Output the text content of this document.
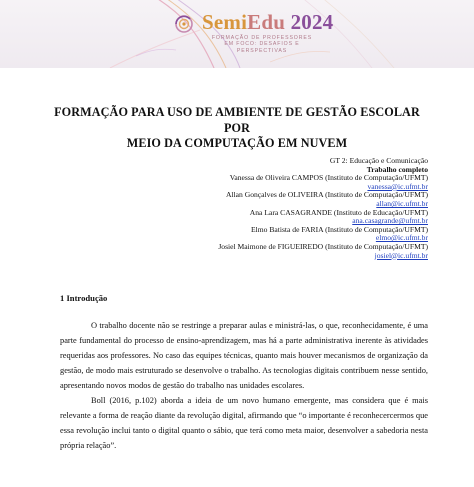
SemiEdu 2024
FORMAÇÃO DE PROFESSORES
EM FOCO: DESAFIOS E
PERSPECTIVAS
FORMAÇÃO PARA USO DE AMBIENTE DE GESTÃO ESCOLAR POR
MEIO DA COMPUTAÇÃO EM NUVEM
GT 2: Educação e Comunicação
Trabalho completo
Vanessa de Oliveira CAMPOS (Instituto de Computação/UFMT)
vanessa@ic.ufmt.br
Allan Gonçalves de OLIVEIRA (Instituto de Computação/UFMT)
allan@ic.ufmt.br
Ana Lara CASAGRANDE (Instituto de Educação/UFMT)
ana.casagrande@ufmt.br
Elmo Batista de FARIA (Instituto de Computação/UFMT)
elmo@ic.ufmt.br
Josiel Maimone de FIGUEIREDO (Instituto de Computação/UFMT)
josiel@ic.ufmt.br
1 Introdução

O trabalho docente não se restringe a preparar aulas e ministrá-las, o que, reconhecidamente, é uma parte fundamental do processo de ensino-aprendizagem, mas há a parte administrativa inerente às atividades requeridas aos professores. No caso das equipes técnicas, quanto mais houver mecanismos de organização da gestão, de modo mais estruturado se desenvolve o trabalho. As tecnologias digitais contribuem nesse sentido, apresentando novos modos de gestão do trabalho nas unidades escolares.

Boll (2016, p.102) aborda a ideia de um novo humano emergente, mas considera que é mais relevante a forma de reação diante da revolução digital, afirmando que “o importante é reconhecercermos que essa revolução inclui tanto o digital quanto o sábio, que terá como meta maior, desenvolver a sabedoria nesta própria relação”.
